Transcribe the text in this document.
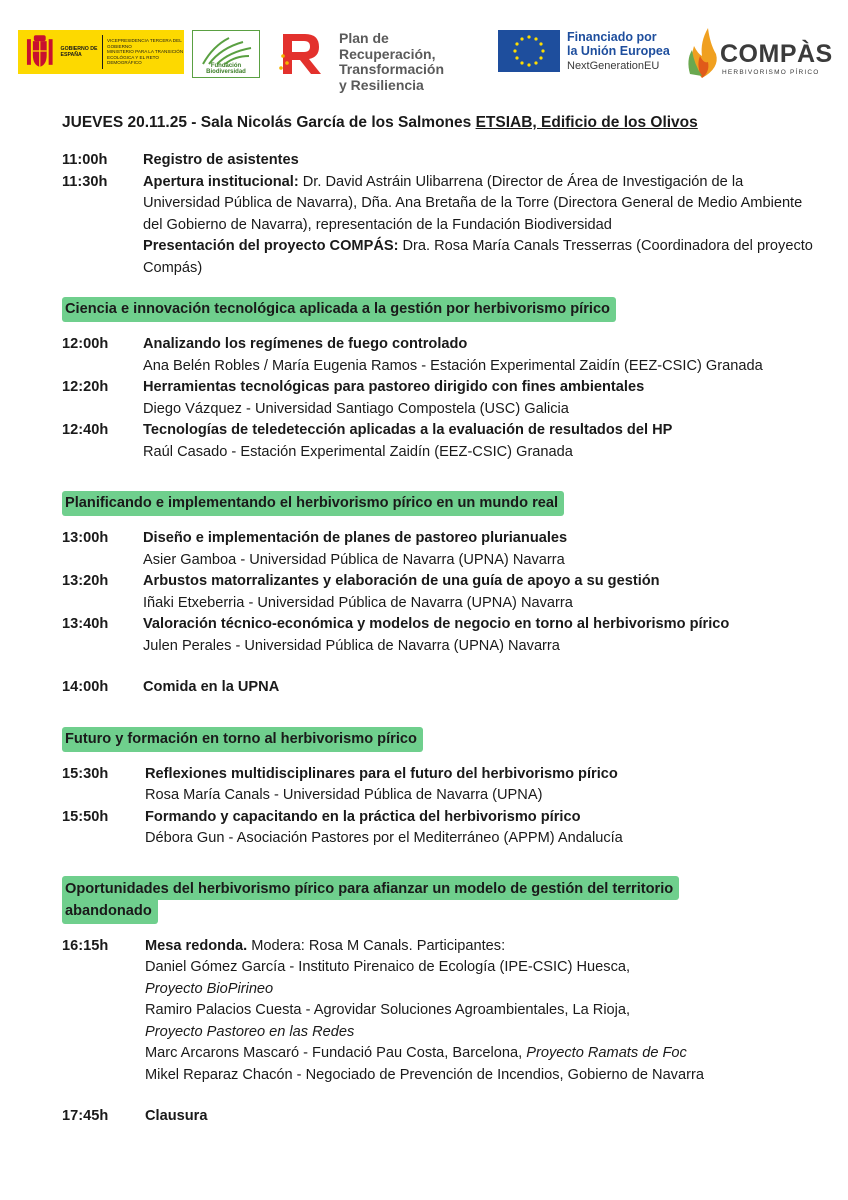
GOBIERNO DE ESPAÑA
VICEPRESIDENCIA TERCERA DEL GOBIERNO
MINISTERIO PARA LA TRANSICIÓN ECOLÓGICA Y EL RETO DEMOGRÁFICO
Fundación Biodiversidad
Plan de Recuperación,
Transformación
y Resiliencia
Financiado por
la Unión Europea
NextGenerationEU COMPÀS
HERBIVORISMO PÍRICO

JUEVES 20.11.25 - Sala Nicolás García de los Salmones ETSIAB, Edificio de los Olivos

11:00h	Registro de asistentes
11:30h	Apertura institucional: Dr. David Astráin Ulibarrena (Director de Área de Investigación de la Universidad Pública de Navarra), Dña. Ana Bretaña de la Torre (Directora General de Medio Ambiente del Gobierno de Navarra), representación de la Fundación Biodiversidad
Presentación del proyecto COMPÁS: Dra. Rosa María Canals Tresserras (Coordinadora del proyecto Compás)
Ciencia e innovación tecnológica aplicada a la gestión por herbivorismo pírico
12:00h	Analizando los regímenes de fuego controlado
Ana Belén Robles / María Eugenia Ramos - Estación Experimental Zaidín (EEZ-CSIC) Granada
12:20h	Herramientas tecnológicas para pastoreo dirigido con fines ambientales
Diego Vázquez - Universidad Santiago Compostela (USC) Galicia
12:40h	Tecnologías de teledetección aplicadas a la evaluación de resultados del HP
Raúl Casado - Estación Experimental Zaidín (EEZ-CSIC) Granada
Planificando e implementando el herbivorismo pírico en un mundo real
13:00h	Diseño e implementación de planes de pastoreo plurianuales
Asier Gamboa - Universidad Pública de Navarra (UPNA) Navarra
13:20h	Arbustos matorralizantes y elaboración de una guía de apoyo a su gestión
Iñaki Etxeberria - Universidad Pública de Navarra (UPNA) Navarra
13:40h	Valoración técnico-económica y modelos de negocio en torno al herbivorismo pírico
Julen Perales - Universidad Pública de Navarra (UPNA) Navarra
14:00h	Comida en la UPNA
Futuro y formación en torno al herbivorismo pírico
15:30h	Reflexiones multidisciplinares para el futuro del herbivorismo pírico
Rosa María Canals - Universidad Pública de Navarra (UPNA)
15:50h	Formando y capacitando en la práctica del herbivorismo pírico
Débora Gun - Asociación Pastores por el Mediterráneo (APPM) Andalucía
Oportunidades del herbivorismo pírico para afianzar un modelo de gestión del territorio
abandonado
16:15h	Mesa redonda. Modera: Rosa M Canals. Participantes:
Daniel Gómez García - Instituto Pirenaico de Ecología (IPE-CSIC) Huesca,
Proyecto BioPirineo
Ramiro Palacios Cuesta - Agrovidar Soluciones Agroambientales, La Rioja,
Proyecto Pastoreo en las Redes
Marc Arcarons Mascaró - Fundació Pau Costa, Barcelona, Proyecto Ramats de Foc
Mikel Reparaz Chacón - Negociado de Prevención de Incendios, Gobierno de Navarra
17:45h	Clausura
